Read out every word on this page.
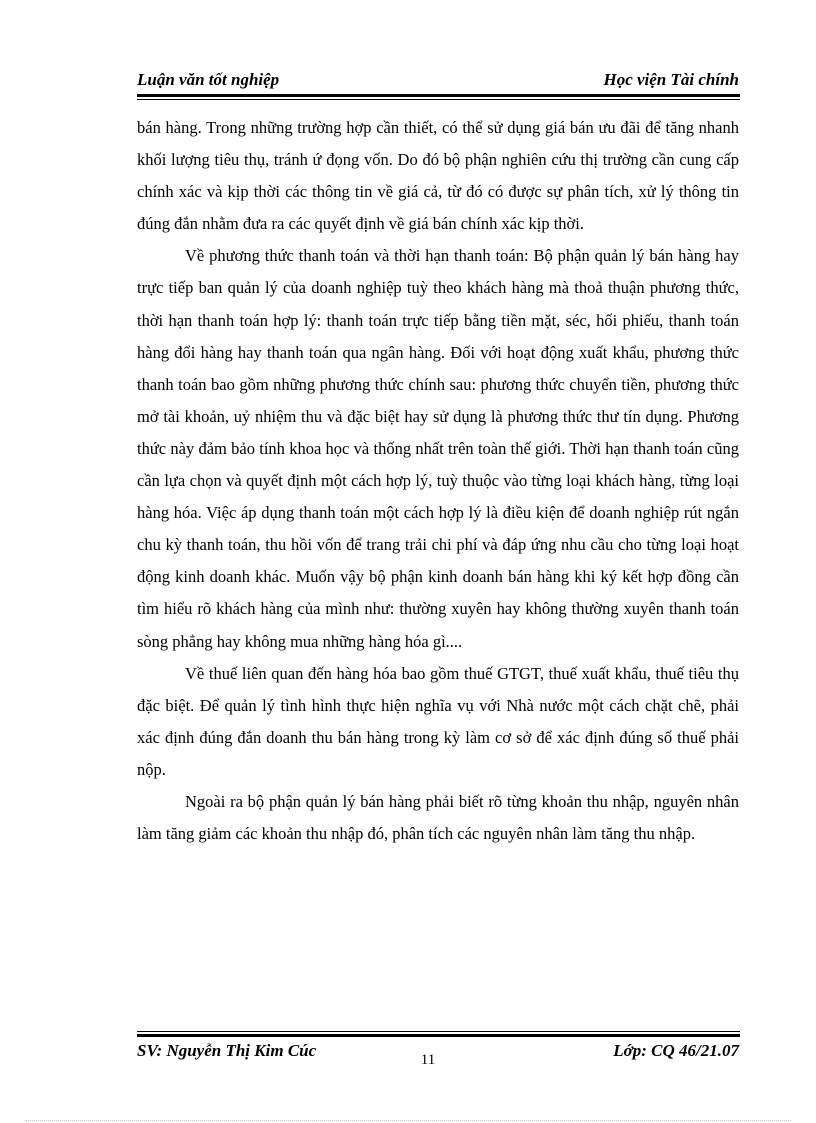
Luận văn tốt nghiệp	Học viện Tài chính

bán hàng. Trong những trường hợp cần thiết, có thể sử dụng giá bán ưu đãi để tăng nhanh khối lượng tiêu thụ, tránh ứ đọng vốn. Do đó bộ phận nghiên cứu thị trường cần cung cấp chính xác và kịp thời các thông tin về giá cả, từ đó có được sự phân tích, xử lý thông tin đúng đắn nhằm đưa ra các quyết định về giá bán chính xác kịp thời.

Về phương thức thanh toán và thời hạn thanh toán: Bộ phận quản lý bán hàng hay trực tiếp ban quản lý của doanh nghiệp tuỳ theo khách hàng mà thoả thuận phương thức, thời hạn thanh toán hợp lý: thanh toán trực tiếp bằng tiền mặt, séc, hối phiếu, thanh toán hàng đổi hàng hay thanh toán qua ngân hàng. Đối với hoạt động xuất khẩu, phương thức thanh toán bao gồm những phương thức chính sau: phương thức chuyển tiền, phương thức mở tài khoản, uỷ nhiệm thu và đặc biệt hay sử dụng là phương thức thư tín dụng. Phương thức này đảm bảo tính khoa học và thống nhất trên toàn thế giới. Thời hạn thanh toán cũng cần lựa chọn và quyết định một cách hợp lý, tuỳ thuộc vào từng loại khách hàng, từng loại hàng hóa. Việc áp dụng thanh toán một cách hợp lý là điều kiện để doanh nghiệp rút ngắn chu kỳ thanh toán, thu hồi vốn để trang trải chi phí và đáp ứng nhu cầu cho từng loại hoạt động kinh doanh khác. Muốn vậy bộ phận kinh doanh bán hàng khi ký kết hợp đồng cần tìm hiểu rõ khách hàng của mình như: thường xuyên hay không thường xuyên thanh toán sòng phẳng hay không mua những hàng hóa gì....

Về thuế liên quan đến hàng hóa bao gồm thuế GTGT, thuế xuất khẩu, thuế tiêu thụ đặc biệt. Để quản lý tình hình thực hiện nghĩa vụ với Nhà nước một cách chặt chẽ, phải xác định đúng đắn doanh thu bán hàng trong kỳ làm cơ sở để xác định đúng số thuế phải nộp.

Ngoài ra bộ phận quản lý bán hàng phải biết rõ từng khoản thu nhập, nguyên nhân làm tăng giảm các khoản thu nhập đó, phân tích các nguyên nhân làm tăng thu nhập.

SV: Nguyễn Thị Kim Cúc	11	Lớp: CQ 46/21.07
